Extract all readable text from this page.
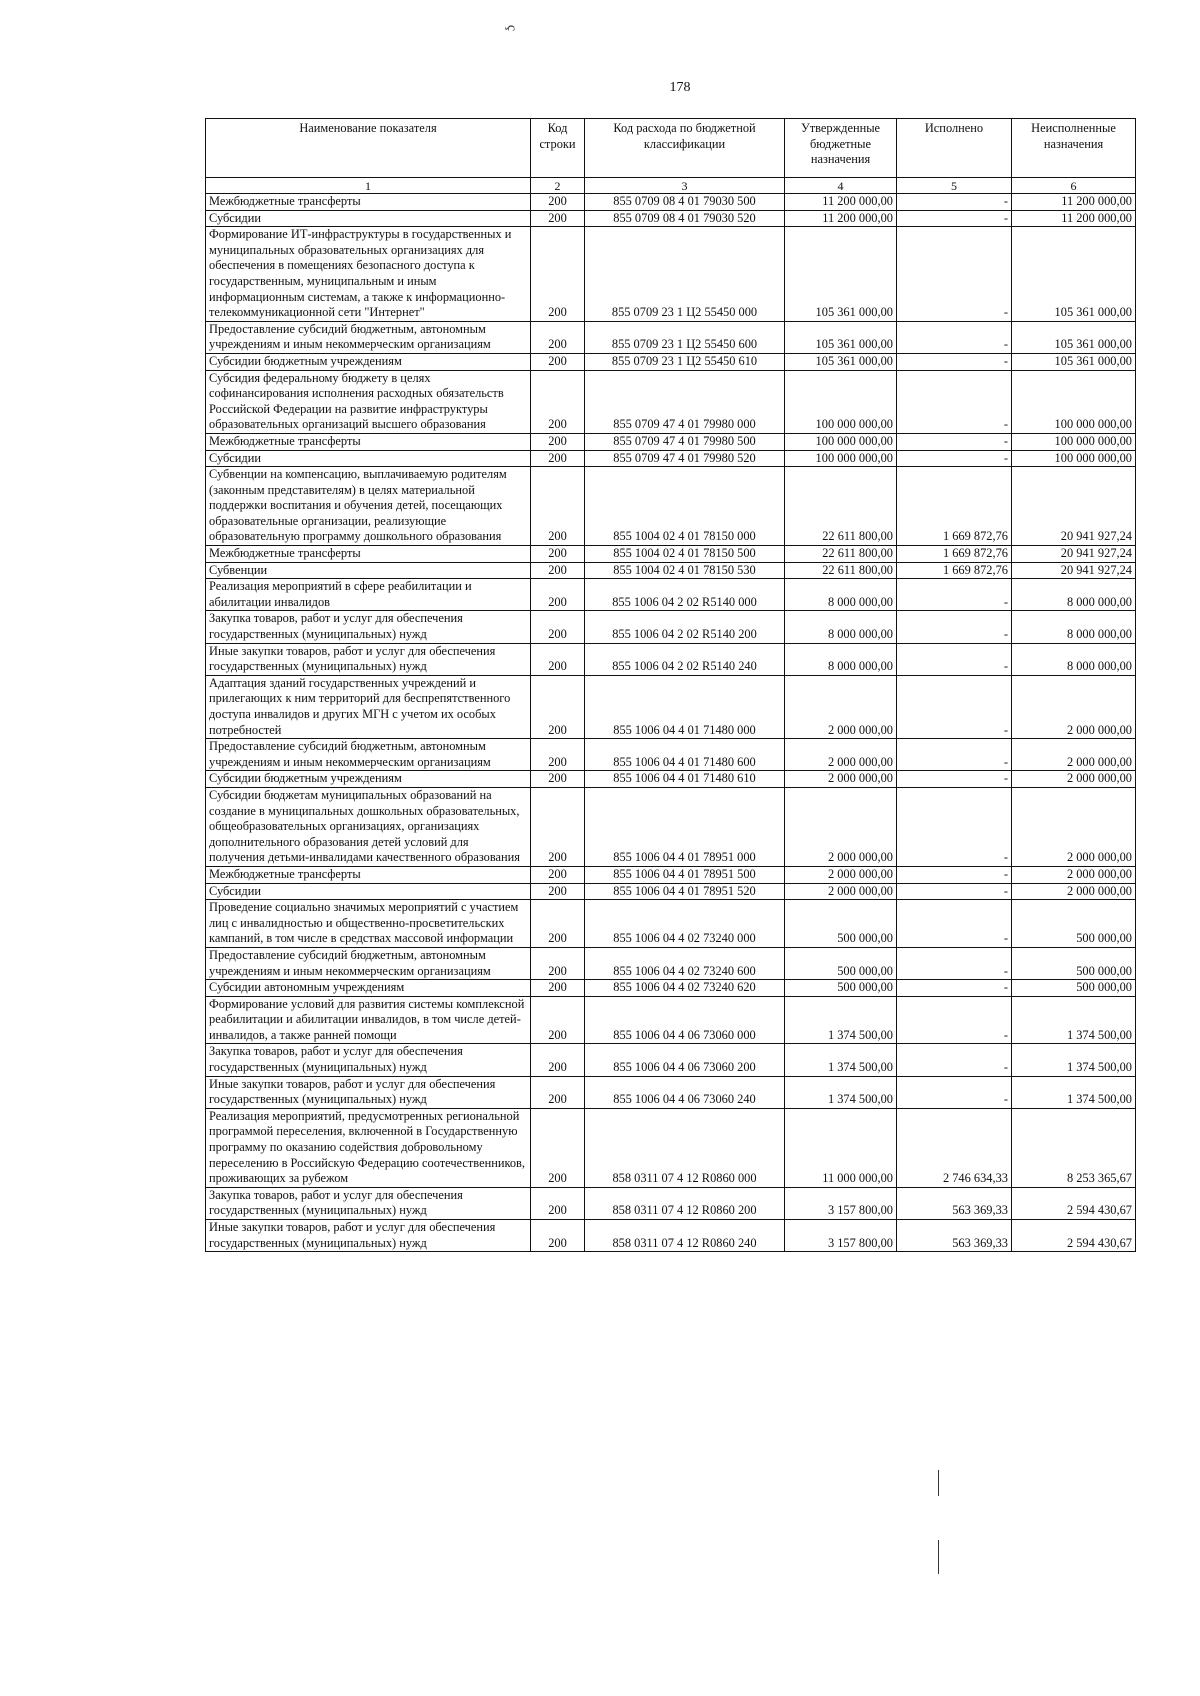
ç
178
Наименование показателя	Код строки	Код расхода по бюджетной классификации	Утвержденные бюджетные назначения	Исполнено	Неисполненные назначения
1	2	3	4	5	6
Межбюджетные трансферты	200	855 0709 08 4 01 79030 500	11 200 000,00	-	11 200 000,00
Субсидии	200	855 0709 08 4 01 79030 520	11 200 000,00	-	11 200 000,00
Формирование ИТ-инфраструктуры в государственных и муниципальных образовательных организациях для обеспечения в помещениях безопасного доступа к государственным, муниципальным и иным информационным системам, а также к информационно-телекоммуникационной сети "Интернет"	200	855 0709 23 1 Ц2 55450 000	105 361 000,00	-	105 361 000,00
Предоставление субсидий бюджетным, автономным учреждениям и иным некоммерческим организациям	200	855 0709 23 1 Ц2 55450 600	105 361 000,00	-	105 361 000,00
Субсидии бюджетным учреждениям	200	855 0709 23 1 Ц2 55450 610	105 361 000,00	-	105 361 000,00
Субсидия федеральному бюджету в целях софинансирования исполнения расходных обязательств Российской Федерации на развитие инфраструктуры образовательных организаций высшего образования	200	855 0709 47 4 01 79980 000	100 000 000,00	-	100 000 000,00
Межбюджетные трансферты	200	855 0709 47 4 01 79980 500	100 000 000,00	-	100 000 000,00
Субсидии	200	855 0709 47 4 01 79980 520	100 000 000,00	-	100 000 000,00
Субвенции на компенсацию, выплачиваемую родителям (законным представителям) в целях материальной поддержки воспитания и обучения детей, посещающих образовательные организации, реализующие образовательную программу дошкольного образования	200	855 1004 02 4 01 78150 000	22 611 800,00	1 669 872,76	20 941 927,24
Межбюджетные трансферты	200	855 1004 02 4 01 78150 500	22 611 800,00	1 669 872,76	20 941 927,24
Субвенции	200	855 1004 02 4 01 78150 530	22 611 800,00	1 669 872,76	20 941 927,24
Реализация мероприятий в сфере реабилитации и абилитации инвалидов	200	855 1006 04 2 02 R5140 000	8 000 000,00	-	8 000 000,00
Закупка товаров, работ и услуг для обеспечения государственных (муниципальных) нужд	200	855 1006 04 2 02 R5140 200	8 000 000,00	-	8 000 000,00
Иные закупки товаров, работ и услуг для обеспечения государственных (муниципальных) нужд	200	855 1006 04 2 02 R5140 240	8 000 000,00	-	8 000 000,00
Адаптация зданий государственных учреждений и прилегающих к ним территорий для беспрепятственного доступа инвалидов и других МГН с учетом их особых потребностей	200	855 1006 04 4 01 71480 000	2 000 000,00	-	2 000 000,00
Предоставление субсидий бюджетным, автономным учреждениям и иным некоммерческим организациям	200	855 1006 04 4 01 71480 600	2 000 000,00	-	2 000 000,00
Субсидии бюджетным учреждениям	200	855 1006 04 4 01 71480 610	2 000 000,00	-	2 000 000,00
Субсидии бюджетам муниципальных образований на создание в муниципальных дошкольных образовательных, общеобразовательных организациях, организациях дополнительного образования детей условий для получения детьми-инвалидами качественного образования	200	855 1006 04 4 01 78951 000	2 000 000,00	-	2 000 000,00
Межбюджетные трансферты	200	855 1006 04 4 01 78951 500	2 000 000,00	-	2 000 000,00
Субсидии	200	855 1006 04 4 01 78951 520	2 000 000,00	-	2 000 000,00
Проведение социально значимых мероприятий с участием лиц с инвалидностью и общественно-просветительских кампаний, в том числе в средствах массовой информации	200	855 1006 04 4 02 73240 000	500 000,00	-	500 000,00
Предоставление субсидий бюджетным, автономным учреждениям и иным некоммерческим организациям	200	855 1006 04 4 02 73240 600	500 000,00	-	500 000,00
Субсидии автономным учреждениям	200	855 1006 04 4 02 73240 620	500 000,00	-	500 000,00
Формирование условий для развития системы комплексной реабилитации и абилитации инвалидов, в том числе детей-инвалидов, а также ранней помощи	200	855 1006 04 4 06 73060 000	1 374 500,00	-	1 374 500,00
Закупка товаров, работ и услуг для обеспечения государственных (муниципальных) нужд	200	855 1006 04 4 06 73060 200	1 374 500,00	-	1 374 500,00
Иные закупки товаров, работ и услуг для обеспечения государственных (муниципальных) нужд	200	855 1006 04 4 06 73060 240	1 374 500,00	-	1 374 500,00
Реализация мероприятий, предусмотренных региональной программой переселения, включенной в Государственную программу по оказанию содействия добровольному переселению в Российскую Федерацию соотечественников, проживающих за рубежом	200	858 0311 07 4 12 R0860 000	11 000 000,00	2 746 634,33	8 253 365,67
Закупка товаров, работ и услуг для обеспечения государственных (муниципальных) нужд	200	858 0311 07 4 12 R0860 200	3 157 800,00	563 369,33	2 594 430,67
Иные закупки товаров, работ и услуг для обеспечения государственных (муниципальных) нужд	200	858 0311 07 4 12 R0860 240	3 157 800,00	563 369,33	2 594 430,67
